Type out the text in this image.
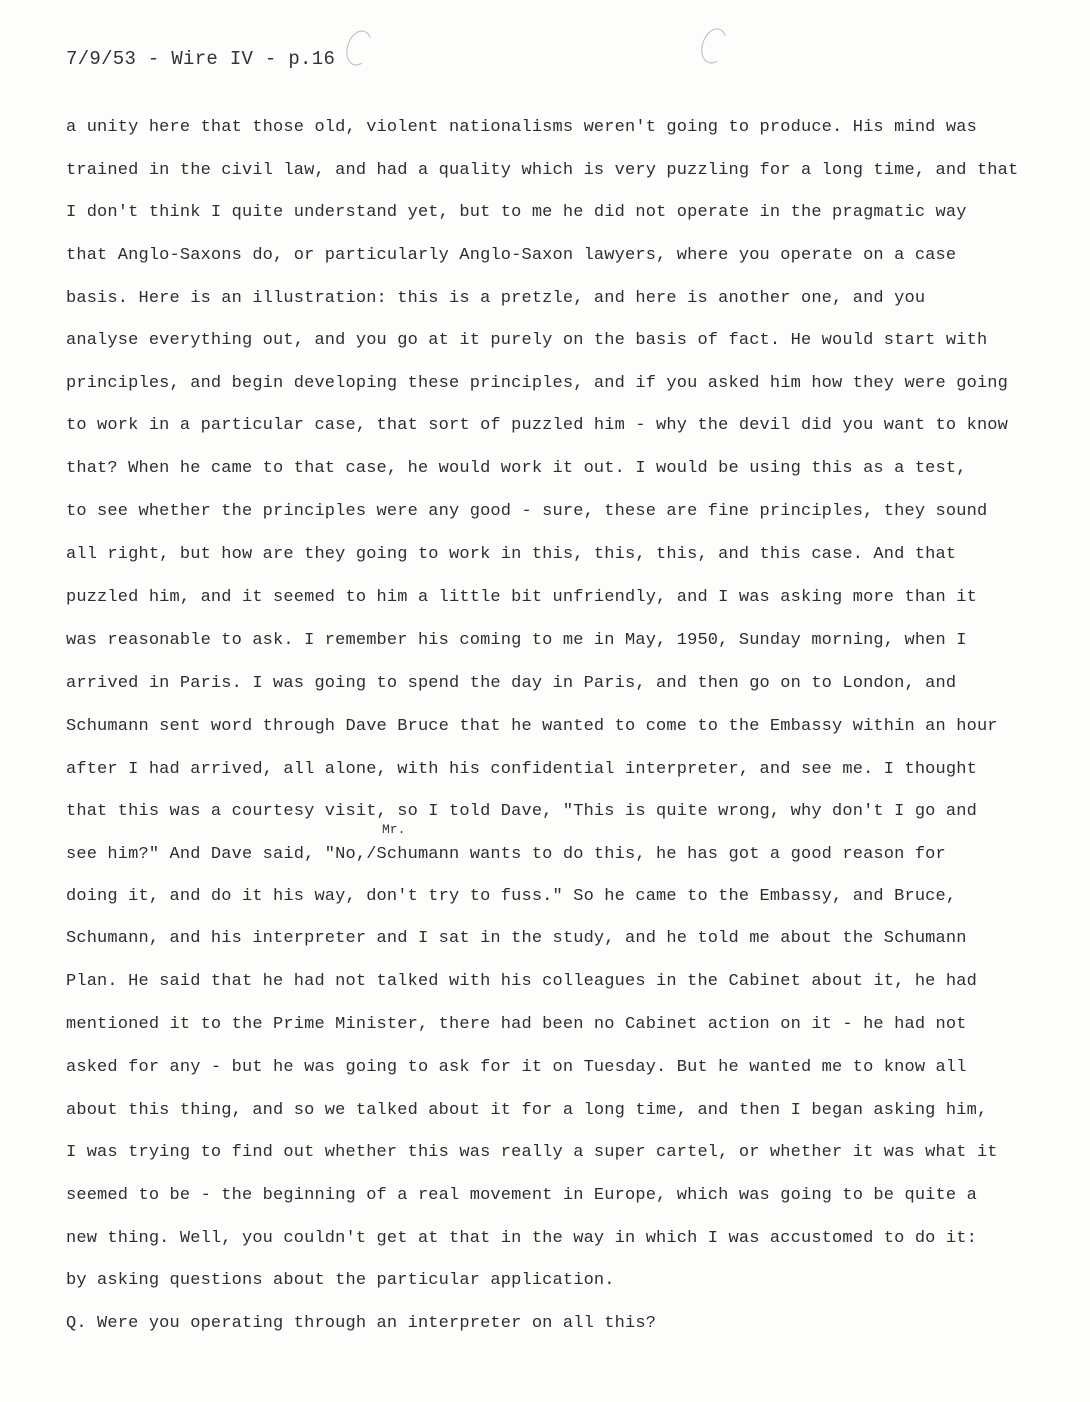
7/9/53 - Wire IV - p.16
Mr.
a unity here that those old, violent nationalisms weren't going to produce. His mind was
trained in the civil law, and had a quality which is very puzzling for a long time, and that
I don't think I quite understand yet, but to me he did not operate in the pragmatic way
that Anglo-Saxons do, or particularly Anglo-Saxon lawyers, where you operate on a case
basis. Here is an illustration: this is a pretzle, and here is another one, and you
analyse everything out, and you go at it purely on the basis of fact. He would start with
principles, and begin developing these principles, and if you asked him how they were going
to work in a particular case, that sort of puzzled him - why the devil did you want to know
that? When he came to that case, he would work it out. I would be using this as a test,
to see whether the principles were any good - sure, these are fine principles, they sound
all right, but how are they going to work in this, this, this, and this case. And that
puzzled him, and it seemed to him a little bit unfriendly, and I was asking more than it
was reasonable to ask. I remember his coming to me in May, 1950, Sunday morning, when I
arrived in Paris. I was going to spend the day in Paris, and then go on to London, and
Schumann sent word through Dave Bruce that he wanted to come to the Embassy within an hour
after I had arrived, all alone, with his confidential interpreter, and see me. I thought
that this was a courtesy visit, so I told Dave, "This is quite wrong, why don't I go and
see him?" And Dave said, "No,/Schumann wants to do this, he has got a good reason for
doing it, and do it his way, don't try to fuss." So he came to the Embassy, and Bruce,
Schumann, and his interpreter and I sat in the study, and he told me about the Schumann
Plan. He said that he had not talked with his colleagues in the Cabinet about it, he had
mentioned it to the Prime Minister, there had been no Cabinet action on it - he had not
asked for any - but he was going to ask for it on Tuesday. But he wanted me to know all
about this thing, and so we talked about it for a long time, and then I began asking him,
I was trying to find out whether this was really a super cartel, or whether it was what it
seemed to be - the beginning of a real movement in Europe, which was going to be quite a
new thing. Well, you couldn't get at that in the way in which I was accustomed to do it:
by asking questions about the particular application.
Q. Were you operating through an interpreter on all this?
